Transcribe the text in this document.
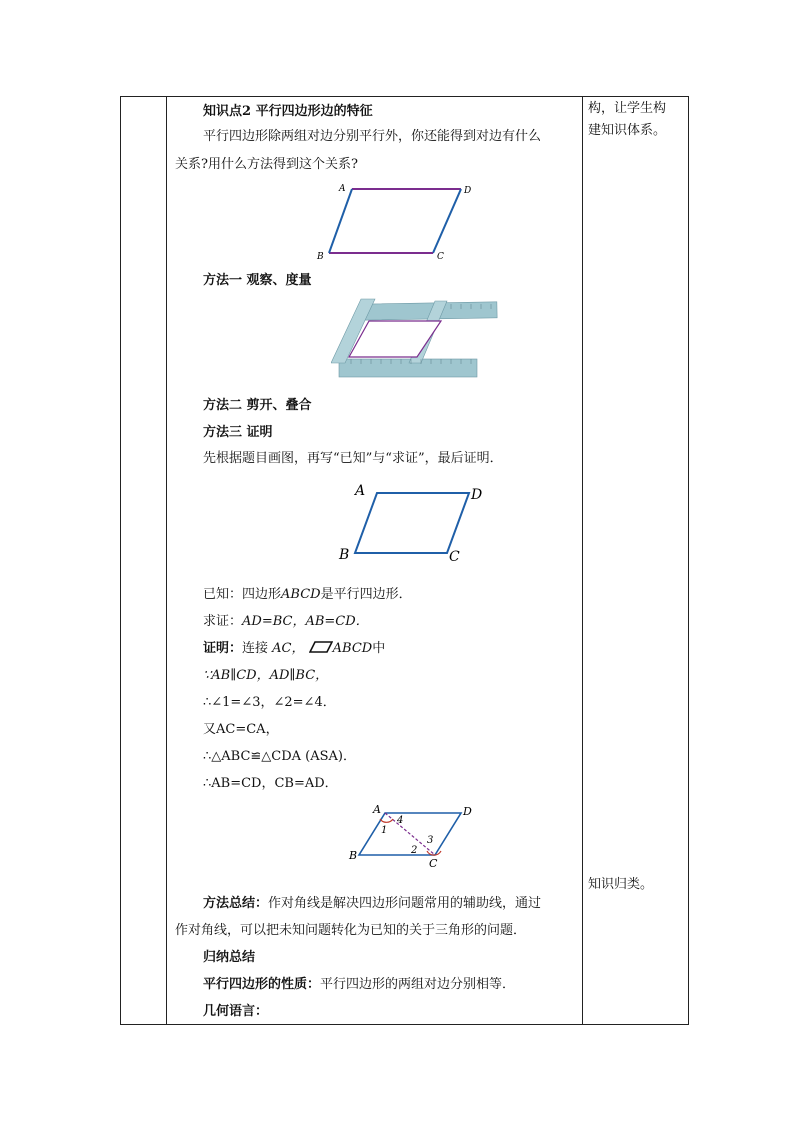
知识点2 平行四边形边的特征
平行四边形除两组对边分别平行外，你还能得到对边有什么
关系?用什么方法得到这个关系?
A	D
B	C
方法一 观察、度量
方法二 剪开、叠合
方法三 证明
先根据题目画图，再写“已知”与“求证”，最后证明．
A	D
B	C
已知：四边形ABCD是平行四边形．
求证：AD=BC，AB=CD．
证明：连接 AC， ABCD中
∵AB∥CD，AD∥BC，
∴∠1=∠3，∠2=∠4．
又AC=CA，
∴△ABC≌△CDA (ASA)．
∴AB=CD，CB=AD．
A	D
B
C
1
4
3
2
方法总结：作对角线是解决四边形问题常用的辅助线，通过
作对角线，可以把未知问题转化为已知的关于三角形的问题．
归纳总结
平行四边形的性质：平行四边形的两组对边分别相等．
几何语言：
构，让学生构
建知识体系。
知识归类。
